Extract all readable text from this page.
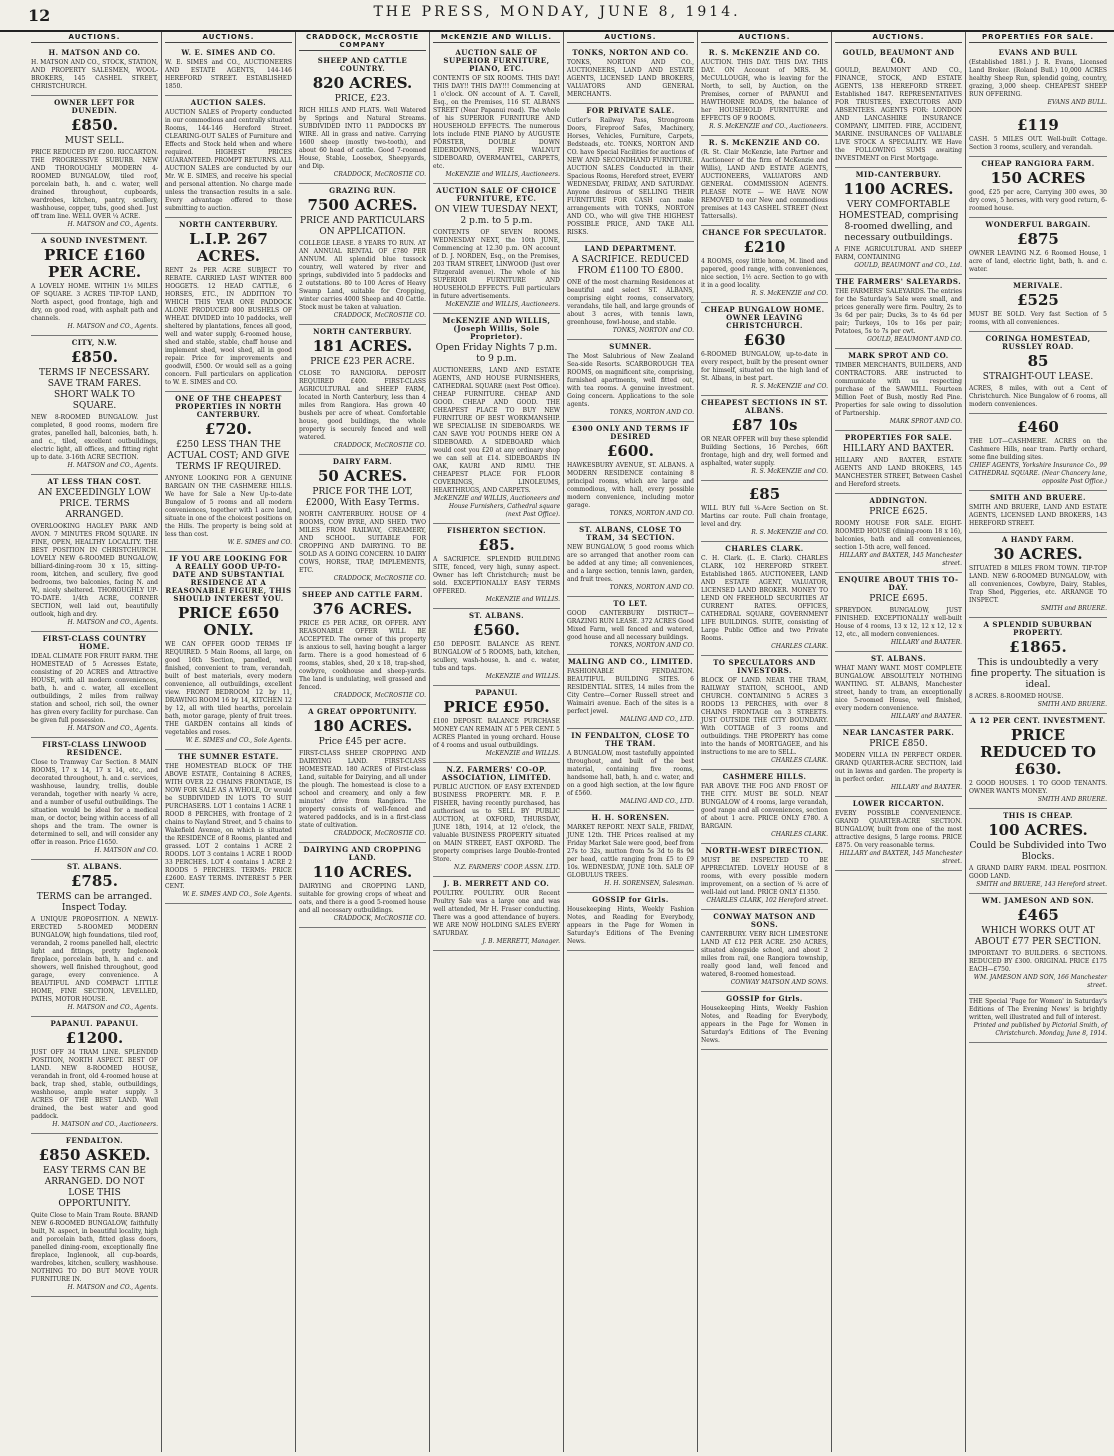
12	THE PRESS, MONDAY, JUNE 8, 1914.
AUCTIONS.
H. MATSON AND CO.
H. MATSON AND CO., STOCK, STATION, AND PROPERTY SALESMEN, WOOL-BROKERS, 145 CASHEL STREET, CHRISTCHURCH.
OWNER LEFT FOR DUNEDIN.
£850.
MUST SELL.
PRICE REDUCED BY £200. RICCARTON. THE PROGRESSIVE SUBURB. NEW AND THOROUGHLY MODERN 4-ROOMED BUNGALOW, tiled roof, porcelain bath, h. and c. water, well drained throughout, cupboards, wardrobes, kitchen, pantry, scullery, washhouse, copper, tubs, good shed. Just off tram line. WELL OVER ¼ ACRE.
H. MATSON and CO., Agents.
A SOUND INVESTMENT.
PRICE £160 PER ACRE.
A LOVELY HOME. WITHIN 1½ MILES OF SQUARE. 3 ACRES TIP-TOP LAND, North aspect, good frontage, high and dry, on good road, with asphalt path and channels.
H. MATSON and CO., Agents.
CITY, N.W.
£850.
TERMS IF NECESSARY. SAVE TRAM FARES. SHORT WALK TO SQUARE.
NEW 8-ROOMED BUNGALOW. Just completed, 8 good rooms, modern fire grates, panelled hall, balconies, bath, h. and c., tiled, excellent outbuildings, electric light, all offices, and fitting right up to date. 3-16th ACRE SECTION.
H. MATSON and CO., Agents.
AT LESS THAN COST.
AN EXCEEDINGLY LOW PRICE. TERMS ARRANGED.
OVERLOOKING HAGLEY PARK AND AVON. 7 MINUTES FROM SQUARE. IN FINE, OPEN, HEALTHY LOCALITY. THE BEST POSITION IN CHRISTCHURCH. LOVELY NEW 6-ROOMED BUNGALOW, billiard-dining-room 30 x 15, sitting-room, kitchen, and scullery, five good bedrooms, two balconies, facing N. and W., nicely sheltered. THOROUGHLY UP-TO-DATE. 1/4th ACRE, CORNER SECTION, well laid out, beautifully outlook, high and dry.
H. MATSON and CO., Agents.
FIRST-CLASS COUNTRY HOME.
IDEAL CLIMATE FOR FRUIT FARM. THE HOMESTEAD of 5 Acresses Estate, consisting of 20 ACRES and Attractive HOUSE, with all modern conveniences, bath, h. and c. water, all excellent outbuildings, 2 miles from railway station and school, rich soil, the owner has given every facility for purchase. Can be given full possession.
H. MATSON and CO., Agents.
FIRST-CLASS LINWOOD RESIDENCE.
Close to Tramway Car Section. 8 MAIN ROOMS, 17 x 14, 17 x 14, etc., and decorated throughout, h. and c. services, washhouse, laundry, trellis, double verandah, together with nearly ¼ acre, and a number of useful outbuildings. The situation would be ideal for a medical man, or doctor, being within access of all shops and the tram. The owner is determined to sell, and will consider any offer in reason. Price £1650.
H. MATSON and CO.
ST. ALBANS.
£785.
TERMS can be arranged. Inspect Today.
A UNIQUE PROPOSITION. A NEWLY-ERECTED 5-ROOMED MODERN BUNGALOW, high foundations, tiled roof, verandah, 2 rooms panelled hall, electric light and fittings, pretty Inglenook fireplace, porcelain bath, h. and c. and showers, well finished throughout, good garage, every convenience. A BEAUTIFUL AND COMPACT LITTLE HOME, FINE SECTION, LEVELLED, PATHS, MOTOR HOUSE.
H. MATSON and CO., Agents.
PAPANUI. PAPANUI.
£1200.
JUST OFF 34 TRAM LINE. SPLENDID POSITION, NORTH ASPECT. BEST OF LAND. NEW 8-ROOMED HOUSE, verandah in front, old 4-roomed house at back, trap shed, stable, outbuildings, washhouse, ample water supply. 3 ACRES OF THE BEST LAND. Well drained, the best water and good paddock.
H. MATSON and CO., Auctioneers.
FENDALTON.
£850 ASKED.
EASY TERMS CAN BE ARRANGED. DO NOT LOSE THIS OPPORTUNITY.
Quite Close to Main Tram Route. BRAND NEW 6-ROOMED BUNGALOW, faithfully built, N. aspect, in beautiful locality, high and porcelain bath, fitted glass doors, panelled dining-room, exceptionally fine fireplace, Inglenook, all cup-boards, wardrobes, kitchen, scullery, washhouse. NOTHING TO DO BUT MOVE YOUR FURNITURE IN.
H. MATSON and CO., Agents.
AUCTIONS.
W. E. SIMES AND CO.
W. E. SIMES and CO., AUCTIONEERS AND ESTATE AGENTS, 144-146 HEREFORD STREET. ESTABLISHED 1850.
AUCTION SALES.
AUCTION SALES of Property conducted in our commodious and centrally situated Rooms, 144-146 Hereford Street. CLEARING-OUT SALES of Furniture and Effects and Stock held when and where required. HIGHEST PRICES GUARANTEED. PROMPT RETURNS. ALL AUCTION SALES are conducted by our Mr. W. E. SIMES, and receive his special and personal attention. No charge made unless the transaction results in a sale. Every advantage offered to those submitting to auction.
NORTH CANTERBURY.
L.I.P. 267 ACRES.
RENT 2s PER ACRE SUBJECT TO REBATE. CARRIED LAST WINTER 800 HOGGETS. 12 HEAD CATTLE, 6 HORSES, ETC., IN ADDITION TO WHICH THIS YEAR ONE PADDOCK ALONE PRODUCED 800 BUSHELS OF WHEAT. DIVIDED into 10 paddocks, well sheltered by plantations, fences all good, well and water supply, 6-roomed house, shed and stable, stable, chaff house and implement shed, wool shed, all in good repair. Price for improvements and goodwill, £500. Or would sell as a going concern. Full particulars on application to W. E. SIMES and CO.
ONE OF THE CHEAPEST PROPERTIES IN NORTH CANTERBURY.
£720.
£250 LESS THAN THE ACTUAL COST; AND GIVE TERMS IF REQUIRED.
ANYONE LOOKING FOR A GENUINE BARGAIN ON THE CASHMERE HILLS. We have for Sale a New Up-to-date Bungalow of 5 rooms and all modern conveniences, together with 1 acre land, situate in one of the choicest positions on the Hills. The property is being sold at less than cost.
W. E. SIMES and CO.
IF YOU ARE LOOKING FOR A REALLY GOOD UP-TO-DATE AND SUBSTANTIAL RESIDENCE AT A REASONABLE FIGURE, THIS SHOULD INTEREST YOU.
PRICE £650 ONLY.
WE CAN OFFER GOOD TERMS IF REQUIRED. 5 Main Rooms, all large, on good 16th Section, panelled, well finished, convenient to tram, verandah, built of best materials, every modern convenience, all outbuildings, excellent view. FRONT BEDROOM 12 by 11, DRAWING ROOM 16 by 14, KITCHEN 12 by 12, all with tiled hearths, porcelain bath, motor garage, plenty of fruit trees. THE GARDEN contains all kinds of vegetables and roses.
W. E. SIMES and CO., Sole Agents.
THE SUMNER ESTATE.
THE HOMESTEAD BLOCK OF THE ABOVE ESTATE, Containing 8 ACRES, WITH OVER 22 CHAINS FRONTAGE, IS NOW FOR SALE AS A WHOLE, Or would be SUBDIVIDED IN LOTS TO SUIT PURCHASERS. LOT 1 contains 1 ACRE 1 ROOD 8 PERCHES, with frontage of 2 chains to Nayland Street, and 5 chains to Wakefield Avenue, on which is situated the RESIDENCE of 8 Rooms, planted and grassed. LOT 2 contains 1 ACRE 2 ROODS. LOT 3 contains 1 ACRE 1 ROOD 33 PERCHES. LOT 4 contains 1 ACRE 2 ROODS 5 PERCHES. TERMS: PRICE £2600. EASY TERMS. INTEREST 5 PER CENT.
W. E. SIMES AND CO., Sole Agents.
CRADDOCK, McCROSTIE COMPANY
SHEEP AND CATTLE COUNTRY.
820 ACRES.
PRICE, £23.
RICH HILLS AND FLATS. Well Watered by Springs and Natural Streams. SUBDIVIDED INTO 11 PADDOCKS BY WIRE. All in grass and native. Carrying 1600 sheep (mostly two-tooth), and about 60 head of cattle. Good 7-roomed House, Stable, Loosebox, Sheepyards, and Dip.
CRADDOCK, McCROSTIE CO.
GRAZING RUN.
7500 ACRES.
PRICE AND PARTICULARS ON APPLICATION.
COLLEGE LEASE. 8 YEARS TO RUN. AT AN ANNUAL RENTAL OF £780 PER ANNUM. All splendid blue tussock country, well watered by river and springs, subdivided into 5 paddocks and 2 outstations. 80 to 100 Acres of Heavy Swamp Land, suitable for Cropping, winter carries 4000 Sheep and 40 Cattle. Stock must be taken at valuation.
CRADDOCK, McCROSTIE CO.
NORTH CANTERBURY.
181 ACRES.
PRICE £23 PER ACRE.
CLOSE TO RANGIORA. DEPOSIT REQUIRED £400. FIRST-CLASS AGRICULTURAL and SHEEP FARM, located in North Canterbury, less than 4 miles from Rangiora. Has grown 40 bushels per acre of wheat. Comfortable house, good buildings, the whole property is securely fenced and well watered.
CRADDOCK, McCROSTIE CO.
DAIRY FARM.
50 ACRES.
PRICE FOR THE LOT, £2000, With Easy Terms.
NORTH CANTERBURY. HOUSE OF 4 ROOMS, COW BYRE, AND SHED. TWO MILES FROM RAILWAY, CREAMERY, AND SCHOOL. SUITABLE FOR CROPPING AND DAIRYING. TO BE SOLD AS A GOING CONCERN. 10 DAIRY COWS, HORSE, TRAP, IMPLEMENTS, ETC.
CRADDOCK, McCROSTIE CO.
SHEEP AND CATTLE FARM.
376 ACRES.
PRICE £5 PER ACRE, OR OFFER. ANY REASONABLE OFFER WILL BE ACCEPTED. The owner of this property is anxious to sell, having bought a larger farm. There is a good homestead of 6 rooms, stables, shed, 20 x 18, trap-shed, cowbyre, cookhouse and sheep-yards. The land is undulating, well grassed and fenced.
CRADDOCK, McCROSTIE CO.
A GREAT OPPORTUNITY.
180 ACRES.
Price £45 per acre.
FIRST-CLASS SHEEP CROPPING AND DAIRYING LAND. FIRST-CLASS HOMESTEAD. 180 ACRES of First-class Land, suitable for Dairying, and all under the plough. The homestead is close to a school and creamery, and only a few minutes' drive from Rangiora. The property consists of well-fenced and watered paddocks, and is in a first-class state of cultivation.
CRADDOCK, McCROSTIE CO.
DAIRYING AND CROPPING LAND.
110 ACRES.
DAIRYING and CROPPING LAND, suitable for growing crops of wheat and oats, and there is a good 5-roomed house and all necessary outbuildings.
CRADDOCK, McCROSTIE CO.
McKENZIE AND WILLIS.
AUCTION SALE OF SUPERIOR FURNITURE, PIANO, ETC.
CONTENTS OF SIX ROOMS. THIS DAY! THIS DAY!! THIS DAY!!! Commencing at 1 o'clock. ON account of A. T. Cavell, Esq., on the Premises, 116 ST. ALBANS STREET (Near Papanui road). The whole of his SUPERIOR FURNITURE AND HOUSEHOLD EFFECTS. The numerous lots include FINE PIANO by AUGUSTE FÖRSTER, DOUBLE DOWN EIDERDOWNS, FINE WALNUT SIDEBOARD, OVERMANTEL, CARPETS, etc.
McKENZIE and WILLIS, Auctioneers.
AUCTION SALE OF CHOICE FURNITURE, ETC.
ON VIEW TUESDAY NEXT, 2 p.m. to 5 p.m.
CONTENTS OF SEVEN ROOMS. WEDNESDAY NEXT, the 10th JUNE, Commencing at 12.30 p.m. ON account of D. J. NORDEN, Esq., on the Premises, 203 TRAM STREET, LINWOOD (Just over Fitzgerald avenue). The whole of his SUPERIOR FURNITURE AND HOUSEHOLD EFFECTS. Full particulars in future advertisements.
McKENZIE and WILLIS, Auctioneers.
McKENZIE AND WILLIS, (Joseph Willis, Sole Proprietor).
Open Friday Nights 7 p.m. to 9 p.m.
AUCTIONEERS, LAND AND ESTATE AGENTS, AND HOUSE FURNISHERS, CATHEDRAL SQUARE (next Post Office). CHEAP FURNITURE. CHEAP AND GOOD. CHEAP AND GOOD. THE CHEAPEST PLACE TO BUY NEW FURNITURE OF BEST WORKMANSHIP. WE SPECIALISE IN SIDEBOARDS. WE CAN SAVE YOU POUNDS HERE ON A SIDEBOARD. A SIDEBOARD which would cost you £20 at any ordinary shop we can sell at £14. SIDEBOARDS IN OAK, KAURI AND RIMU. THE CHEAPEST PLACE FOR FLOOR COVERINGS, LINOLEUMS, HEARTHRUGS, AND CARPETS.
McKENZIE and WILLIS, Auctioneers and House Furnishers, Cathedral square (next Post Office).
FISHERTON SECTION.
£85.
A SACRIFICE. SPLENDID BUILDING SITE, fenced, very high, sunny aspect. Owner has left Christchurch; must be sold. EXCEPTIONALLY EASY TERMS OFFERED.
McKENZIE and WILLIS.
ST. ALBANS.
£560.
£50 DEPOSIT. BALANCE AS RENT. BUNGALOW of 5 ROOMS, bath, kitchen, scullery, wash-house, h. and c. water, tubs and taps.
McKENZIE and WILLIS.
PAPANUI.
PRICE £950.
£100 DEPOSIT. BALANCE PURCHASE MONEY CAN REMAIN AT 5 PER CENT. 5 ACRES Planted in young orchard. House of 4 rooms and usual outbuildings.
McKENZIE and WILLIS.
N.Z. FARMERS' CO-OP. ASSOCIATION, LIMITED.
PUBLIC AUCTION. OF EASY EXTENDED BUSINESS PROPERTY. MR. F. P. FISHER, having recently purchased, has authorised us to SELL BY PUBLIC AUCTION, at OXFORD, THURSDAY, JUNE 18th, 1914, at 12 o'clock, the valuable BUSINESS PROPERTY situated on MAIN STREET, EAST OXFORD. The property comprises large Double-fronted Store.
N.Z. FARMERS' COOP. ASSN. LTD.
J. B. MERRETT AND CO.
POULTRY. POULTRY. OUR Recent Poultry Sale was a large one and was well attended, Mr H. Fraser conducting. There was a good attendance of buyers. WE ARE NOW HOLDING SALES EVERY SATURDAY.
J. B. MERRETT, Manager.
AUCTIONS.
TONKS, NORTON AND CO.
TONKS, NORTON AND CO., AUCTIONEERS, LAND AND ESTATE AGENTS, LICENSED LAND BROKERS, VALUATORS AND GENERAL MERCHANTS.
FOR PRIVATE SALE.
Cutler's Railway Pass, Strongroom Doors, Fireproof Safes, Machinery, Horses, Vehicles, Furniture, Carpets, Bedsteads, etc. TONKS, NORTON AND CO. have Special Facilities for auctions of NEW AND SECONDHAND FURNITURE. AUCTION SALES Conducted in their Spacious Rooms, Hereford street, EVERY WEDNESDAY, FRIDAY, AND SATURDAY. Anyone desirous of SELLING THEIR FURNITURE FOR CASH can make arrangements with TONKS, NORTON AND CO., who will give THE HIGHEST POSSIBLE PRICE, AND TAKE ALL RISKS.
LAND DEPARTMENT.
A SACRIFICE. REDUCED FROM £1100 TO £800.
ONE of the most charming Residences at beautiful and select ST. ALBANS, comprising eight rooms, conservatory, verandahs, tile hall, and large grounds of about 3 acres, with tennis lawn, greenhouse, fowl-house, and stable.
TONKS, NORTON and CO.
SUMNER.
The Most Salubrious of New Zealand Sea-side Resorts. SCARBOROUGH TEA ROOMS, on magnificent site, comprising, furnished apartments, well fitted out, with tea rooms. A genuine investment. Going concern. Applications to the sole agents.
TONKS, NORTON AND CO.
£300 ONLY AND TERMS IF DESIRED
£600.
HAWKESBURY AVENUE, ST. ALBANS. A MODERN RESIDENCE containing 8 principal rooms, which are large and commodious, with hall, every possible modern convenience, including motor garage.
TONKS, NORTON AND CO.
ST. ALBANS, CLOSE TO TRAM, 34 SECTION.
NEW BUNGALOW, 5 good rooms which are so arranged that another room can be added at any time; all conveniences, and a large section, tennis lawn, garden, and fruit trees.
TONKS, NORTON AND CO.
TO LET.
GOOD CANTERBURY DISTRICT—GRAZING RUN LEASE. 372 ACRES Good Mixed Farm, well fenced and watered, good house and all necessary buildings.
TONKS, NORTON AND CO.
MALING AND CO., LIMITED.
FASHIONABLE FENDALTON. BEAUTIFUL BUILDING SITES. 6 RESIDENTIAL SITES, 14 miles from the City Centre—Corner Russell street and Waimairi avenue. Each of the sites is a perfect jewel.
MALING AND CO., LTD.
IN FENDALTON, CLOSE TO THE TRAM.
A BUNGALOW, most tastefully appointed throughout, and built of the best material, containing five rooms, handsome hall, bath, h. and c. water, and on a good high section, at the low figure of £560.
MALING AND CO., LTD.
H. H. SORENSEN.
MARKET REPORT. NEXT SALE, FRIDAY, JUNE 12th. THE Prices realised at my Friday Market Sale were good, beef from 27s to 32s, mutton from 5s 3d to 8s 9d per head, cattle ranging from £5 to £9 10s. WEDNESDAY, JUNE 10th. SALE OF GLOBULUS TREES.
H. H. SORENSEN, Salesman.
GOSSIP for Girls.
Housekeeping Hints, Weekly Fashion Notes, and Reading for Everybody, appears in the Page for Women in Saturday's Editions of The Evening News.
AUCTIONS.
R. S. McKENZIE AND CO.
AUCTION. THIS DAY. THIS DAY. THIS DAY. ON Account of MRS. M. McCULLOUGH, who is leaving for the North, to sell, by Auction, on the Premises, corner of PAPANUI and HAWTHORNE ROADS, the balance of her HOUSEHOLD FURNITURE and EFFECTS OF 9 ROOMS.
R. S. McKENZIE and CO., Auctioneers.
R. S. McKENZIE AND CO.
(R. St. Clair McKenzie, late Partner and Auctioneer of the firm of McKenzie and Willis), LAND AND ESTATE AGENTS, AUCTIONEERS, VALUATORS AND GENERAL COMMISSION AGENTS. PLEASE NOTE — WE HAVE NOW REMOVED to our New and commodious premises at 143 CASHEL STREET (Next Tattersalls).
CHANCE FOR SPECULATOR.
£210
4 ROOMS, cosy little home, M. lined and papered, good range, with conveniences, nice section, 1½ acre. Section to go with it in a good locality.
R. S. McKENZIE and CO.
CHEAP BUNGALOW HOME. OWNER LEAVING CHRISTCHURCH.
£630
6-ROOMED BUNGALOW, up-to-date in every respect, built by the present owner for himself, situated on the high land of St. Albans, in best part.
R. S. McKENZIE and CO.
CHEAPEST SECTIONS IN ST. ALBANS.
£87 10s
OR NEAR OFFER will buy these splendid Building Sections, 16 Perches, 66ft frontage, high and dry, well formed and asphalted, water supply.
R. S. McKENZIE and CO.
£85
WILL BUY full ¼-Acre Section on St. Martins car route. Full chain frontage, level and dry.
R. S. McKENZIE and CO.
CHARLES CLARK.
C. H. Clark. (L. E. Clark). CHARLES CLARK, 102 HEREFORD STREET. Established 1865. AUCTIONEER, LAND AND ESTATE AGENT, VALUATOR, LICENSED LAND BROKER. MONEY TO LEND ON FREEHOLD SECURITIES AT CURRENT RATES. OFFICES, CATHEDRAL SQUARE, GOVERNMENT LIFE BUILDINGS. SUITE, consisting of Large Public Office and two Private Rooms.
CHARLES CLARK.
TO SPECULATORS AND INVESTORS.
BLOCK OF LAND. NEAR THE TRAM, RAILWAY STATION, SCHOOL, AND CHURCH. CONTAINING 5 ACRES 3 ROODS 13 PERCHES, with over 8 CHAINS FRONTAGE on 3 STREETS. JUST OUTSIDE THE CITY BOUNDARY. With COTTAGE of 3 rooms and outbuildings. THE PROPERTY has come into the hands of MORTGAGEE, and his instructions to me are to SELL.
CHARLES CLARK.
CASHMERE HILLS.
FAR ABOVE THE FOG AND FROST OF THE CITY. MUST BE SOLD. NEAT BUNGALOW of 4 rooms, large verandah, good range and all conveniences, section of about 1 acre. PRICE ONLY £780. A BARGAIN.
CHARLES CLARK.
NORTH-WEST DIRECTION.
MUST BE INSPECTED TO BE APPRECIATED. LOVELY HOUSE of 8 rooms, with every possible modern improvement, on a section of ¼ acre of well-laid out land. PRICE ONLY £1350.
CHARLES CLARK, 102 Hereford street.
CONWAY MATSON AND SONS.
CANTERBURY. VERY RICH LIMESTONE LAND AT £12 PER ACRE. 250 ACRES, situated alongside school, and about 2 miles from rail, one Rangiora township, really good land, well fenced and watered, 8-roomed homestead.
CONWAY MATSON AND SONS.
GOSSIP for Girls.
Housekeeping Hints, Weekly Fashion Notes, and Reading for Everybody, appears in the Page for Women in Saturday's Editions of The Evening News.
AUCTIONS.
GOULD, BEAUMONT AND CO.
GOULD, BEAUMONT AND CO., FINANCE, STOCK, AND ESTATE AGENTS, 138 HEREFORD STREET. Established 1847. REPRESENTATIVES FOR TRUSTEES, EXECUTORS AND ABSENTEES. AGENTS FOR: LONDON AND LANCASHIRE INSURANCE COMPANY, LIMITED. FIRE, ACCIDENT, MARINE. INSURANCES OF VALUABLE LIVE STOCK A SPECIALITY. WE Have the FOLLOWING SUMS awaiting INVESTMENT on First Mortgage.
MID-CANTERBURY.
1100 ACRES.
VERY COMFORTABLE HOMESTEAD, comprising 8-roomed dwelling, and necessary outbuildings.
A FINE AGRICULTURAL AND SHEEP FARM, CONTAINING
GOULD, BEAUMONT and CO., Ltd.
THE FARMERS' SALEYARDS.
THE FARMERS' SALEYARDS. The entries for the Saturday's Sale were small, and prices generally were firm. Poultry, 2s to 3s 6d per pair; Ducks, 3s to 4s 6d per pair; Turkeys, 10s to 16s per pair; Potatoes, 5s to 7s per cwt.
GOULD, BEAUMONT AND CO.
MARK SPROT AND CO.
TIMBER MERCHANTS, BUILDERS, AND CONTRACTORS. ARE instructed to communicate with us respecting purchase of the SAWMILL. Fourteen Million Feet of Bush, mostly Red Pine. Properties for sale owing to dissolution of Partnership.
MARK SPROT AND CO.
PROPERTIES FOR SALE.
HILLARY AND BAXTER.
HILLARY AND BAXTER, ESTATE AGENTS AND LAND BROKERS, 145 MANCHESTER STREET, Between Cashel and Hereford streets.
ADDINGTON.
PRICE £625.
ROOMY HOUSE FOR SALE. EIGHT-ROOMED HOUSE (dining-room 18 x 16), balconies, bath and all conveniences, section 1-5th acre, well fenced.
HILLARY and BAXTER, 145 Manchester street.
ENQUIRE ABOUT THIS TO-DAY.
PRICE £695.
SPREYDON. BUNGALOW, JUST FINISHED. EXCEPTIONALLY well-built House of 4 rooms, 13 x 12, 12 x 12, 12 x 12, etc., all modern conveniences.
HILLARY and BAXTER.
ST. ALBANS.
WHAT MANY WANT. MOST COMPLETE BUNGALOW. ABSOLUTELY NOTHING WANTING. ST. ALBANS, Manchester street, handy to tram, an exceptionally nice 5-roomed House, well finished, every modern convenience.
HILLARY and BAXTER.
NEAR LANCASTER PARK.
PRICE £850.
MODERN VILLA IN PERFECT ORDER. GRAND QUARTER-ACRE SECTION, laid out in lawns and garden. The property is in perfect order.
HILLARY and BAXTER.
LOWER RICCARTON.
EVERY POSSIBLE CONVENIENCE. GRAND QUARTER-ACRE SECTION. BUNGALOW, built from one of the most attractive designs, 5 large rooms. PRICE £875. On very reasonable terms.
HILLARY and BAXTER, 145 Manchester street.
PROPERTIES FOR SALE.
EVANS AND BULL
(Established 1881.) J. R. Evans, Licensed Land Broker. (Roland Bull.) 10,000 ACRES healthy Sheep Run, splendid going, country, grazing, 3,000 sheep. CHEAPEST SHEEP RUN OFFERING.
EVANS AND BULL.
£119
CASH. 5 MILES OUT. Well-built Cottage. Section 3 rooms, scullery, and verandah.
CHEAP RANGIORA FARM.
150 ACRES
good, £25 per acre, Carrying 300 ewes, 30 dry cows, 5 horses, with very good return, 6-roomed house.
WONDERFUL BARGAIN.
£875
OWNER LEAVING N.Z. 6 Roomed House, 1 acre of land, electric light, bath, h. and c. water.
MERIVALE.
£525
MUST BE SOLD. Very fast Section of 5 rooms, with all conveniences.
CORINGA HOMESTEAD, RUSSLEY ROAD.
85
STRAIGHT-OUT LEASE.
ACRES, 8 miles, with out a Cent of Christchurch. Nice Bungalow of 6 rooms, all modern conveniences.
£460
THE LOT—CASHMERE. ACRES on the Cashmere Hills, near tram. Partly orchard, some fine building sites.
CHIEF AGENTS, Yorkshire Insurance Co., 99 CATHEDRAL SQUARE. (Near Chancery lane, opposite Post Office.)
SMITH AND BRUERE.
SMITH AND BRUERE, LAND AND ESTATE AGENTS, LICENSED LAND BROKERS, 143 HEREFORD STREET.
A HANDY FARM.
30 ACRES.
SITUATED 8 MILES FROM TOWN. TIP-TOP LAND. NEW 6-ROOMED BUNGALOW, with all conveniences, Cowbyre, Dairy, Stables, Trap Shed, Piggeries, etc. ARRANGE TO INSPECT.
SMITH and BRUERE.
A SPLENDID SUBURBAN PROPERTY.
£1865.
This is undoubtedly a very fine property. The situation is ideal.
8 ACRES. 8-ROOMED HOUSE.
SMITH AND BRUERE.
A 12 PER CENT. INVESTMENT.
PRICE REDUCED TO £630.
2 GOOD HOUSES. 1 TO GOOD TENANTS. OWNER WANTS MONEY.
SMITH AND BRUERE.
THIS IS CHEAP.
100 ACRES.
Could be Subdivided into Two Blocks.
A GRAND DAIRY FARM. IDEAL POSITION. GOOD LAND.
SMITH and BRUERE, 143 Hereford street.
WM. JAMESON AND SON.
£465
WHICH WORKS OUT AT ABOUT £77 PER SECTION.
IMPORTANT TO BUILDERS. 6 SECTIONS. REDUCED BY £300. ORIGINAL PRICE £175 EACH—£750.
WM. JAMESON AND SON, 166 Manchester street.
THE Special 'Page for Women' in Saturday's Editions of The Evening News' is brightly written, well illustrated and full of interest.
Printed and published by Pictorial Smith, of Christchurch. Monday, June 8, 1914.
